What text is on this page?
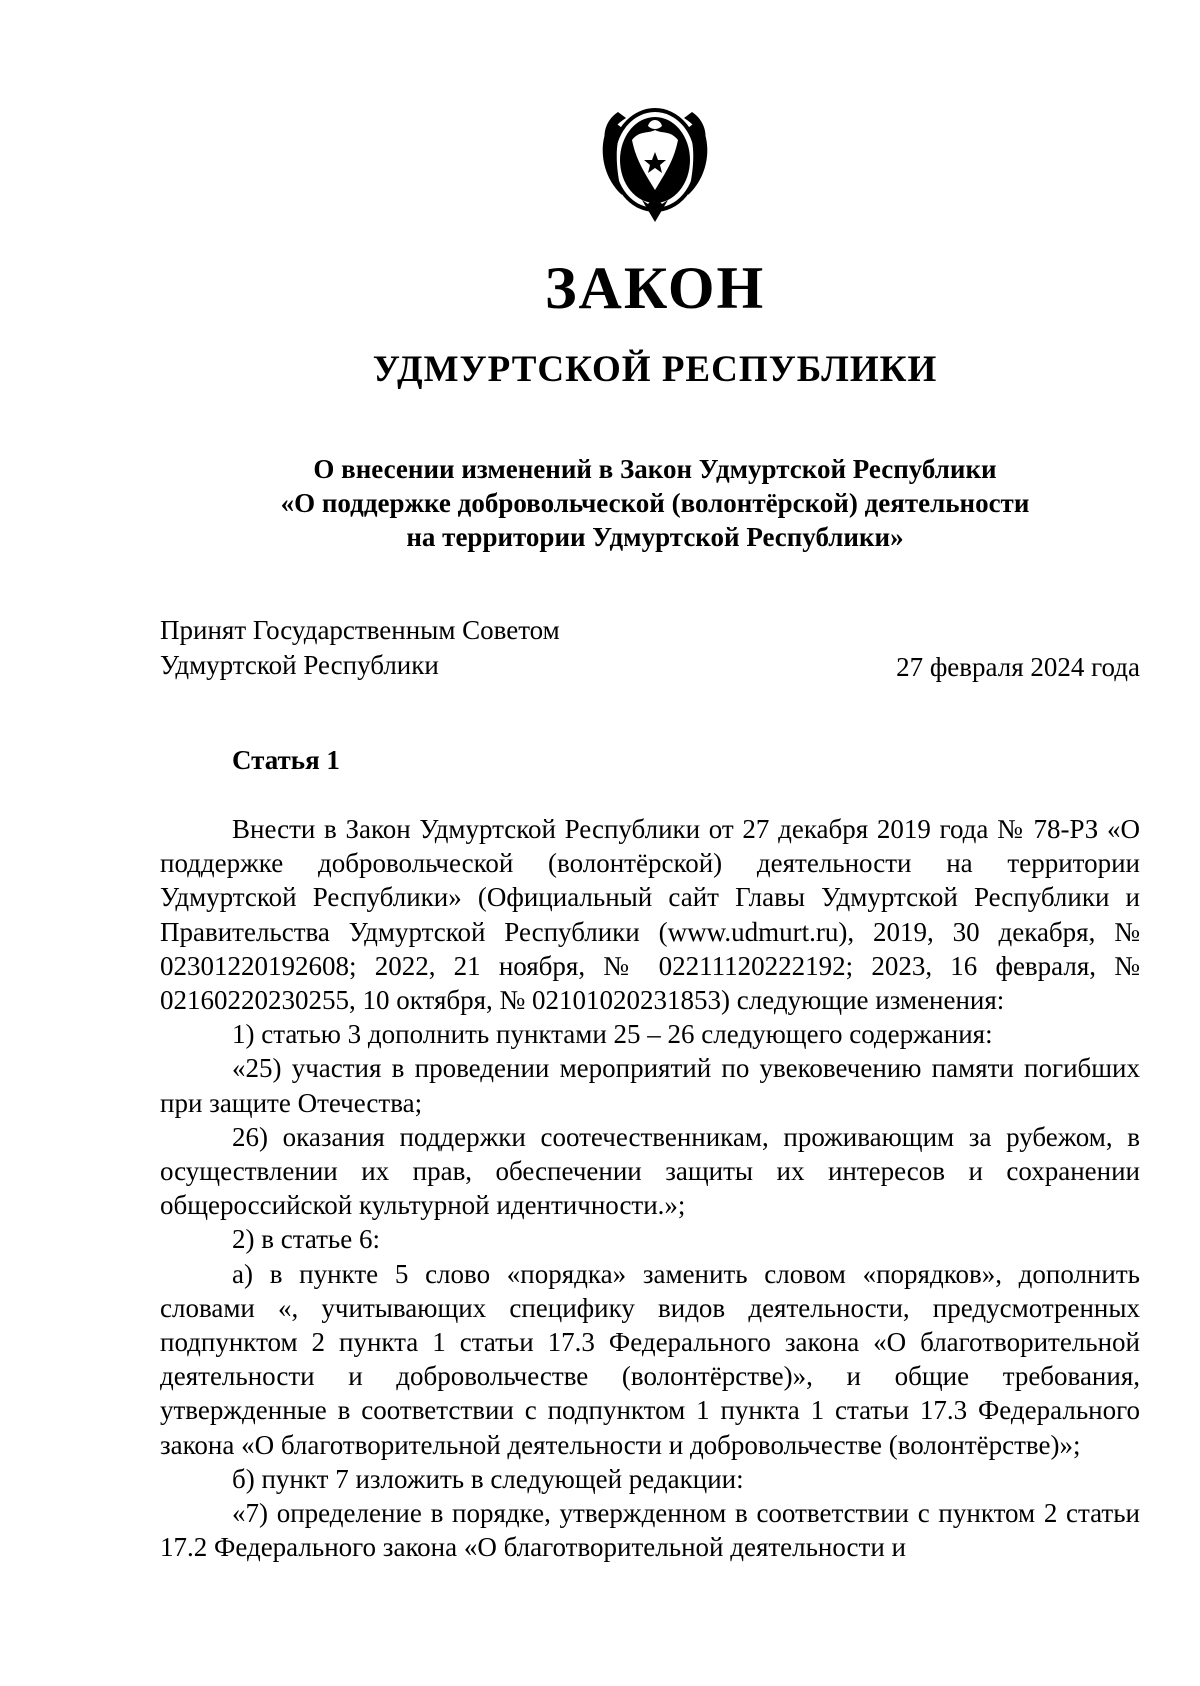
ЗАКОН
УДМУРТСКОЙ РЕСПУБЛИКИ
О внесении изменений в Закон Удмуртской Республики
«О поддержке добровольческой (волонтёрской) деятельности
на территории Удмуртской Республики»
Принят Государственным Советом
Удмуртской Республики	27 февраля 2024 года
Статья 1

Внести в Закон Удмуртской Республики от 27 декабря 2019 года № 78-РЗ «О поддержке добровольческой (волонтёрской) деятельности на территории Удмуртской Республики» (Официальный сайт Главы Удмуртской Республики и Правительства Удмуртской Республики (www.udmurt.ru), 2019, 30 декабря, № 02301220192608; 2022, 21 ноября, № 02211120222192; 2023, 16 февраля, № 02160220230255, 10 октября, № 02101020231853) следующие изменения:

1) статью 3 дополнить пунктами 25 – 26 следующего содержания:

«25) участия в проведении мероприятий по увековечению памяти погибших при защите Отечества;

26) оказания поддержки соотечественникам, проживающим за рубежом, в осуществлении их прав, обеспечении защиты их интересов и сохранении общероссийской культурной идентичности.»;

2) в статье 6:

а) в пункте 5 слово «порядка» заменить словом «порядков», дополнить словами «, учитывающих специфику видов деятельности, предусмотренных подпунктом 2 пункта 1 статьи 17.3 Федерального закона «О благотворительной деятельности и добровольчестве (волонтёрстве)», и общие требования, утвержденные в соответствии с подпунктом 1 пункта 1 статьи 17.3 Федерального закона «О благотворительной деятельности и добровольчестве (волонтёрстве)»;

б) пункт 7 изложить в следующей редакции:

«7) определение в порядке, утвержденном в соответствии с пунктом 2 статьи 17.2 Федерального закона «О благотворительной деятельности и
